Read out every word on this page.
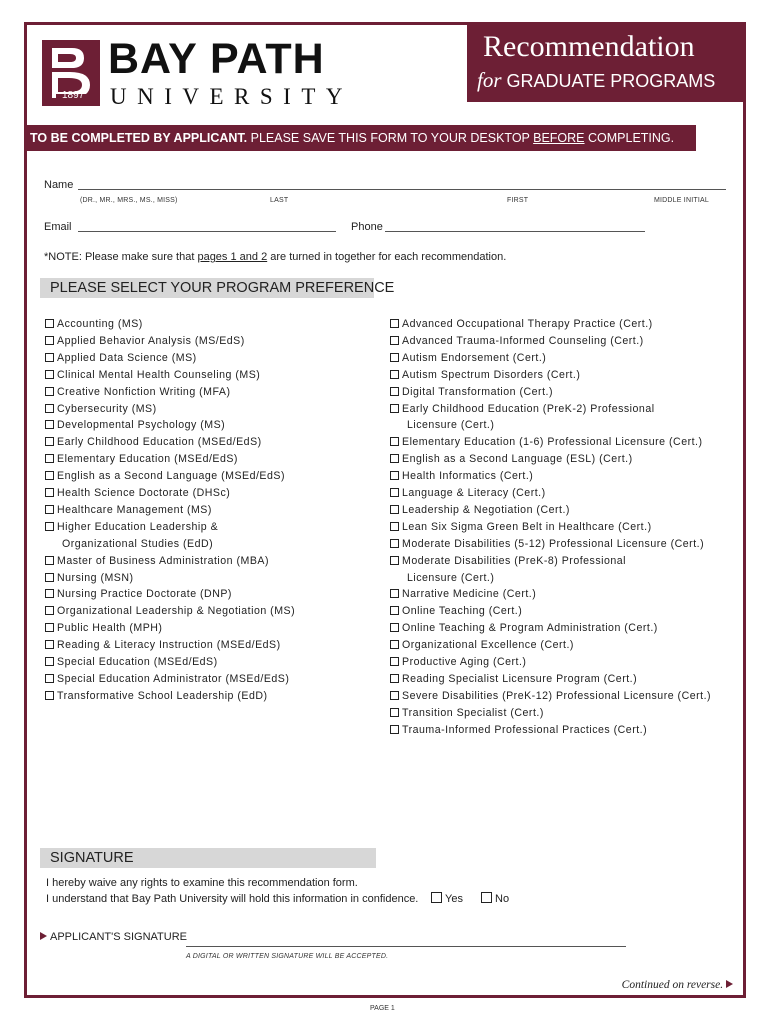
1897
BAY PATH
UNIVERSITY
Recommendation
for GRADUATE PROGRAMS
TO BE COMPLETED BY APPLICANT. PLEASE SAVE THIS FORM TO YOUR DESKTOP BEFORE COMPLETING.
Name
(DR., MR., MRS., MS., MISS)	LAST	FIRST	MIDDLE INITIAL
Email	Phone
*NOTE: Please make sure that pages 1 and 2 are turned in together for each recommendation.
PLEASE SELECT YOUR PROGRAM PREFERENCE
Accounting (MS)
Applied Behavior Analysis (MS/EdS)
Applied Data Science (MS)
Clinical Mental Health Counseling (MS)
Creative Nonfiction Writing (MFA)
Cybersecurity (MS)
Developmental Psychology (MS)
Early Childhood Education (MSEd/EdS)
Elementary Education (MSEd/EdS)
English as a Second Language (MSEd/EdS)
Health Science Doctorate (DHSc)
Healthcare Management (MS)
Higher Education Leadership &
Organizational Studies (EdD)
Master of Business Administration (MBA)
Nursing (MSN)
Nursing Practice Doctorate (DNP)
Organizational Leadership & Negotiation (MS)
Public Health (MPH)
Reading & Literacy Instruction (MSEd/EdS)
Special Education (MSEd/EdS)
Special Education Administrator (MSEd/EdS)
Transformative School Leadership (EdD)
Advanced Occupational Therapy Practice (Cert.)
Advanced Trauma-Informed Counseling (Cert.)
Autism Endorsement (Cert.)
Autism Spectrum Disorders (Cert.)
Digital Transformation (Cert.)
Early Childhood Education (PreK-2) Professional
Licensure (Cert.)
Elementary Education (1-6) Professional Licensure (Cert.)
English as a Second Language (ESL) (Cert.)
Health Informatics (Cert.)
Language & Literacy (Cert.)
Leadership & Negotiation (Cert.)
Lean Six Sigma Green Belt in Healthcare (Cert.)
Moderate Disabilities (5-12) Professional Licensure (Cert.)
Moderate Disabilities (PreK-8) Professional
Licensure (Cert.)
Narrative Medicine (Cert.)
Online Teaching (Cert.)
Online Teaching & Program Administration (Cert.)
Organizational Excellence (Cert.)
Productive Aging (Cert.)
Reading Specialist Licensure Program (Cert.)
Severe Disabilities (PreK-12) Professional Licensure (Cert.)
Transition Specialist (Cert.)
Trauma-Informed Professional Practices (Cert.)
SIGNATURE
I hereby waive any rights to examine this recommendation form.
I understand that Bay Path University will hold this information in confidence.	Yes	No
APPLICANT'S SIGNATURE
A DIGITAL OR WRITTEN SIGNATURE WILL BE ACCEPTED.
Continued on reverse.
PAGE 1
